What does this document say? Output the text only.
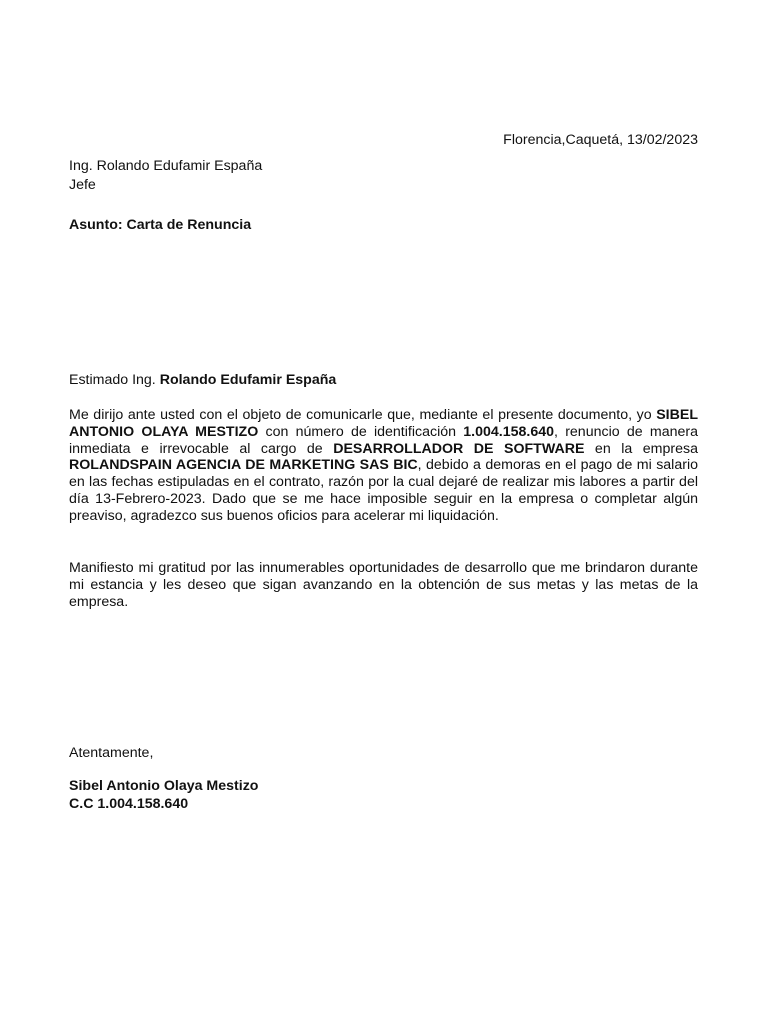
Florencia,Caquetá, 13/02/2023
Ing. Rolando Edufamir España
Jefe
Asunto: Carta de Renuncia
Estimado Ing. Rolando Edufamir España
Me dirijo ante usted con el objeto de comunicarle que, mediante el presente documento, yo SIBEL ANTONIO OLAYA MESTIZO con número de identificación 1.004.158.640, renuncio de manera inmediata e irrevocable al cargo de DESARROLLADOR DE SOFTWARE en la empresa ROLANDSPAIN AGENCIA DE MARKETING SAS BIC, debido a demoras en el pago de mi salario en las fechas estipuladas en el contrato, razón por la cual dejaré de realizar mis labores a partir del día 13-Febrero-2023. Dado que se me hace imposible seguir en la empresa o completar algún preaviso, agradezco sus buenos oficios para acelerar mi liquidación.
Manifiesto mi gratitud por las innumerables oportunidades de desarrollo que me brindaron durante mi estancia y les deseo que sigan avanzando en la obtención de sus metas y las metas de la empresa.
Atentamente,
Sibel Antonio Olaya Mestizo
C.C 1.004.158.640
